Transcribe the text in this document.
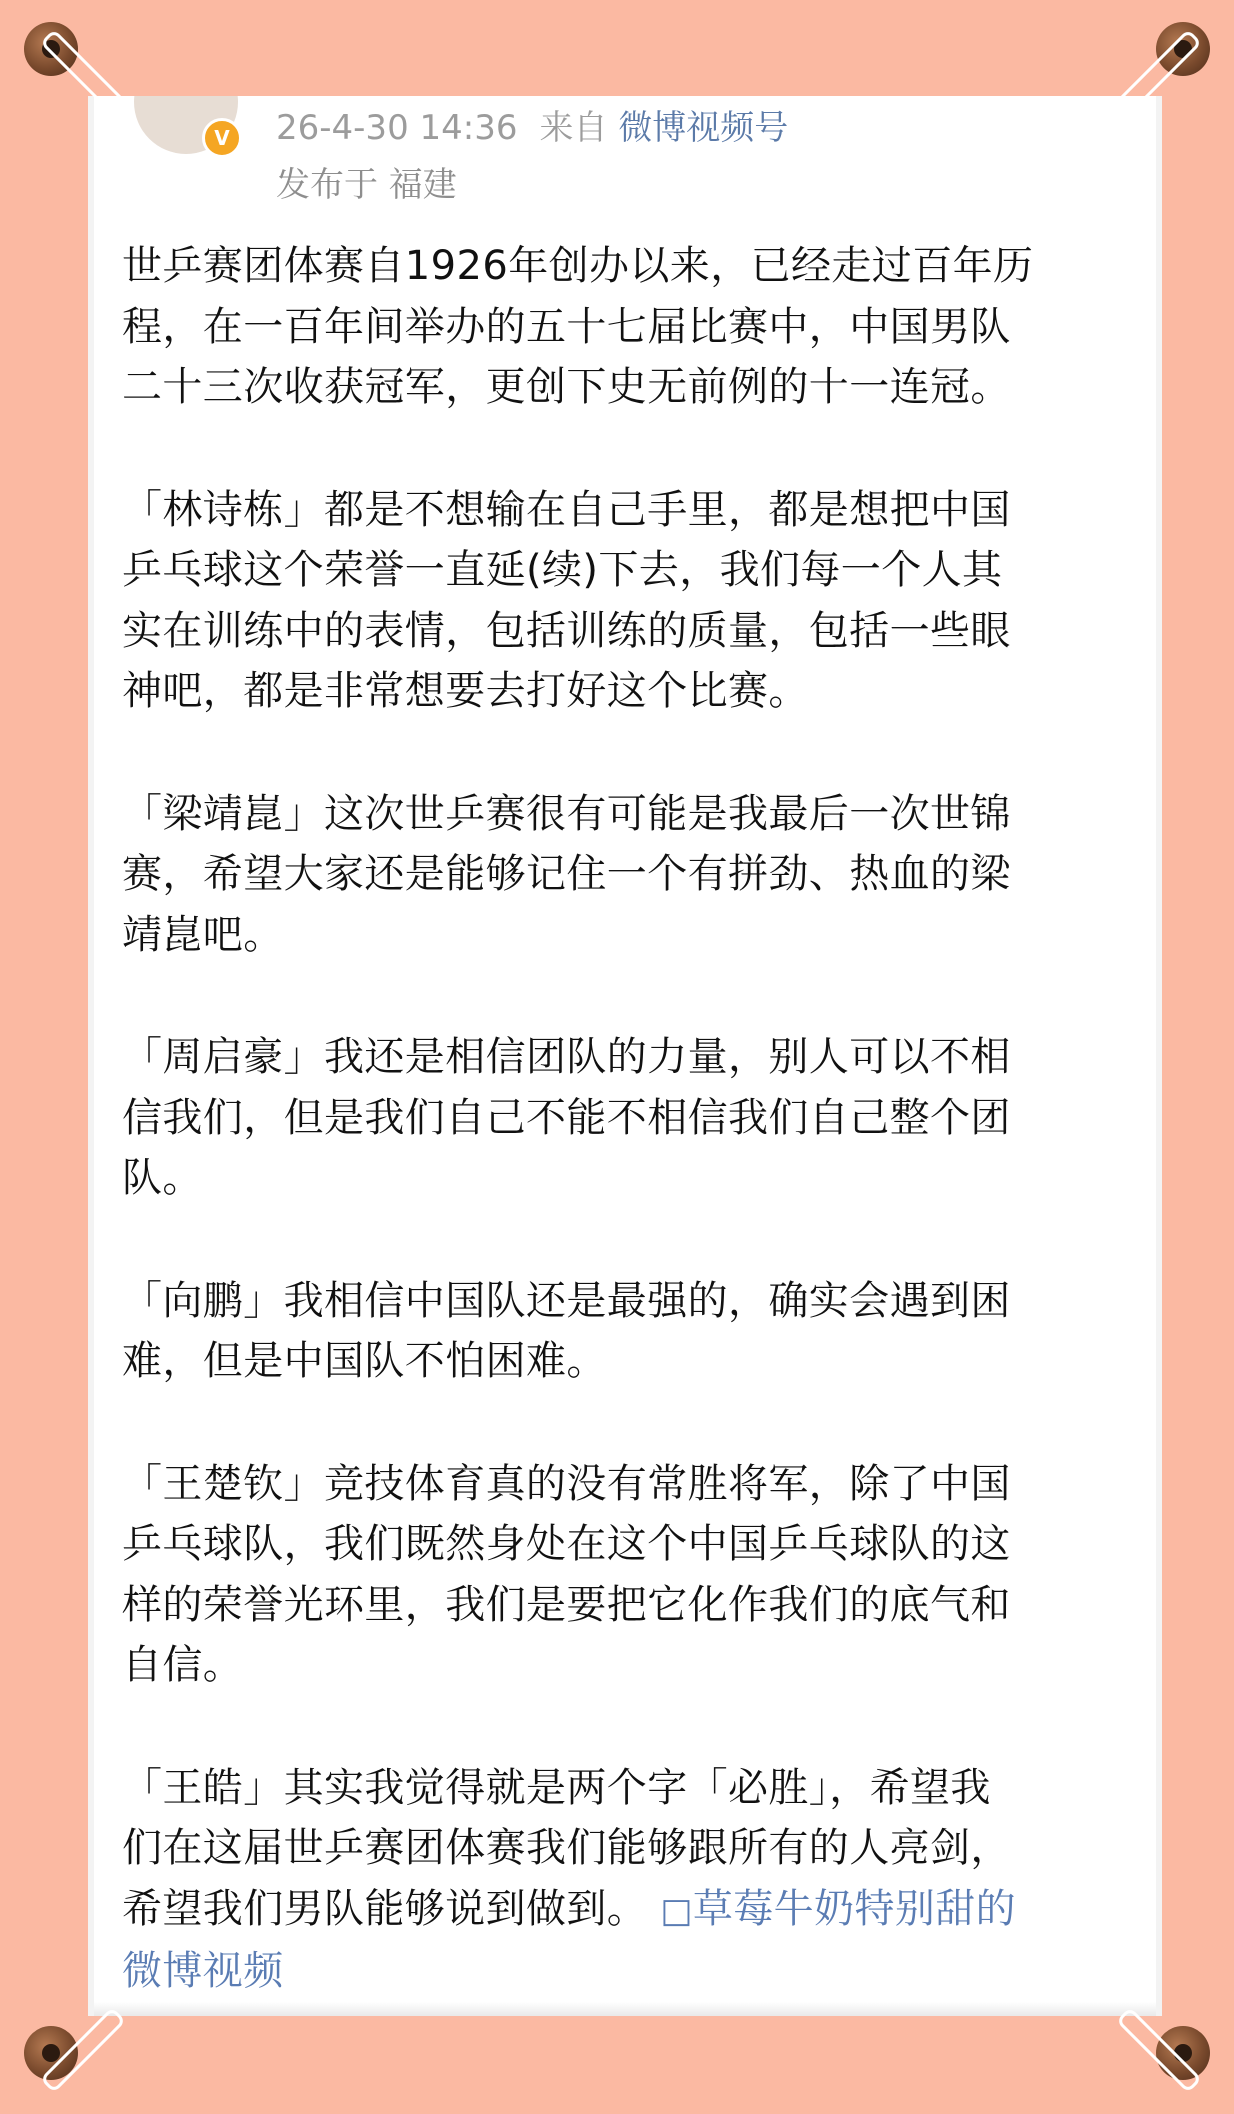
V	26-4-30 14:36 来自 微博视频号

发布于 福建

世乒赛团体赛自1926年创办以来，已经走过百年历
程，在一百年间举办的五十七届比赛中，中国男队
二十三次收获冠军，更创下史无前例的十一连冠。

「林诗栋」都是不想输在自己手里，都是想把中国
乒乓球这个荣誉一直延(续)下去，我们每一个人其
实在训练中的表情，包括训练的质量，包括一些眼
神吧，都是非常想要去打好这个比赛。

「梁靖崑」这次世乒赛很有可能是我最后一次世锦
赛，希望大家还是能够记住一个有拼劲、热血的梁
靖崑吧。

「周启豪」我还是相信团队的力量，别人可以不相
信我们，但是我们自己不能不相信我们自己整个团
队。

「向鹏」我相信中国队还是最强的，确实会遇到困
难，但是中国队不怕困难。

「王楚钦」竞技体育真的没有常胜将军，除了中国
乒乓球队，我们既然身处在这个中国乒乓球队的这
样的荣誉光环里，我们是要把它化作我们的底气和
自信。

「王皓」其实我觉得就是两个字「必胜」，希望我
们在这届世乒赛团体赛我们能够跟所有的人亮剑，
希望我们男队能够说到做到。 □草莓牛奶特别甜的
微博视频
